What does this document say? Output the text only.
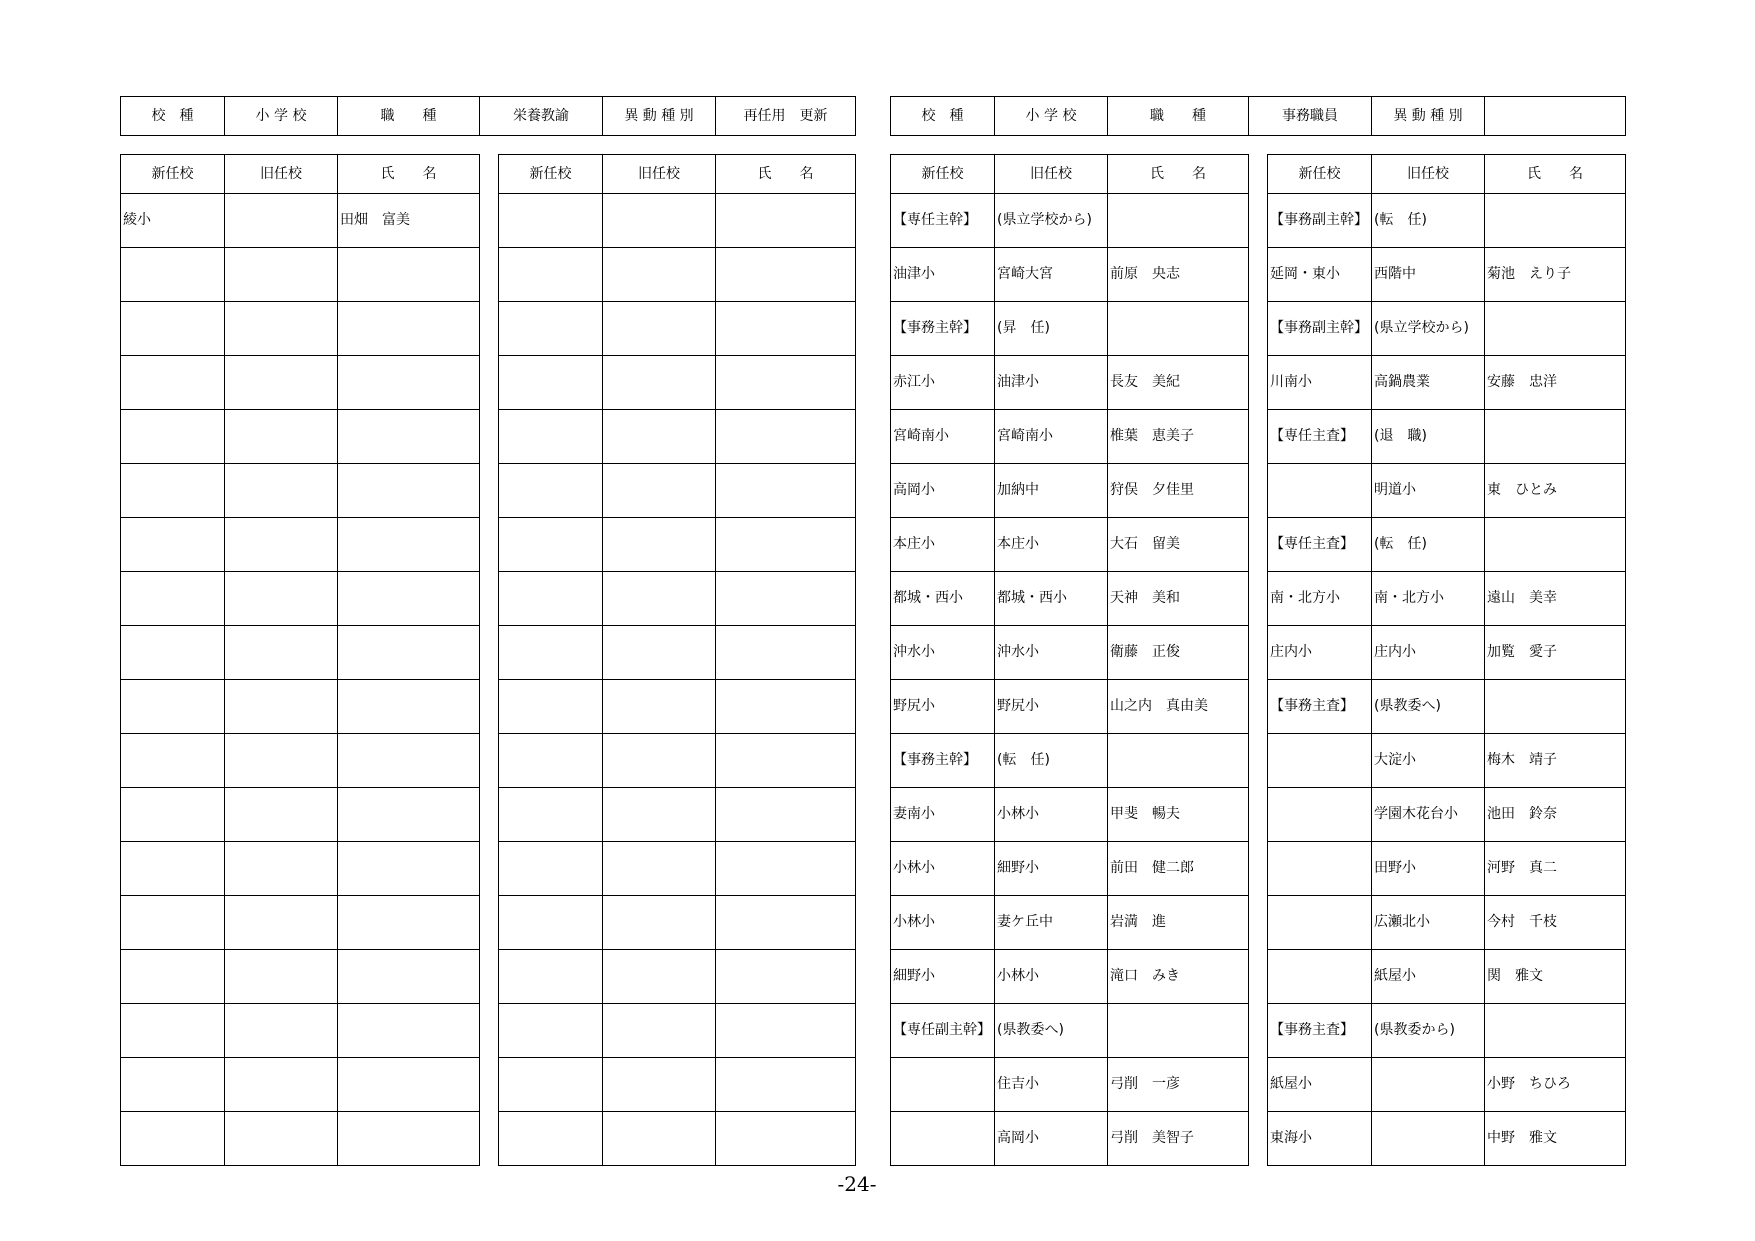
校　種	小 学 校	職　　種	栄養教諭	異 動 種 別	再任用　更新
新任校	旧任校	氏　　名
綾小		田畑　富美

新任校	旧任校	氏　　名

校　種	小 学 校	職　　種	事務職員	異 動 種 別	
新任校	旧任校	氏　　名
【専任主幹】	(県立学校から)	
油津小	宮崎大宮	前原　央志
【事務主幹】	(昇　任)	
赤江小	油津小	長友　美紀
宮崎南小	宮崎南小	椎葉　恵美子
高岡小	加納中	狩俣　夕佳里
本庄小	本庄小	大石　留美
都城・西小	都城・西小	天神　美和
沖水小	沖水小	衛藤　正俊
野尻小	野尻小	山之内　真由美
【事務主幹】	(転　任)	
妻南小	小林小	甲斐　暢夫
小林小	細野小	前田　健二郎
小林小	妻ケ丘中	岩満　進
細野小	小林小	滝口　みき
【専任副主幹】	(県教委へ)	
	住吉小	弓削　一彦
	高岡小	弓削　美智子
新任校	旧任校	氏　　名
【事務副主幹】	(転　任)	
延岡・東小	西階中	菊池　えり子
【事務副主幹】	(県立学校から)	
川南小	高鍋農業	安藤　忠洋
【専任主査】	(退　職)	
	明道小	東　ひとみ
【専任主査】	(転　任)	
南・北方小	南・北方小	遠山　美幸
庄内小	庄内小	加覧　愛子
【事務主査】	(県教委へ)	
	大淀小	梅木　靖子
	学園木花台小	池田　鈴奈
	田野小	河野　真二
	広瀬北小	今村　千枝
	紙屋小	関　雅文
【事務主査】	(県教委から)	
紙屋小		小野　ちひろ
東海小		中野　雅文
-24-
